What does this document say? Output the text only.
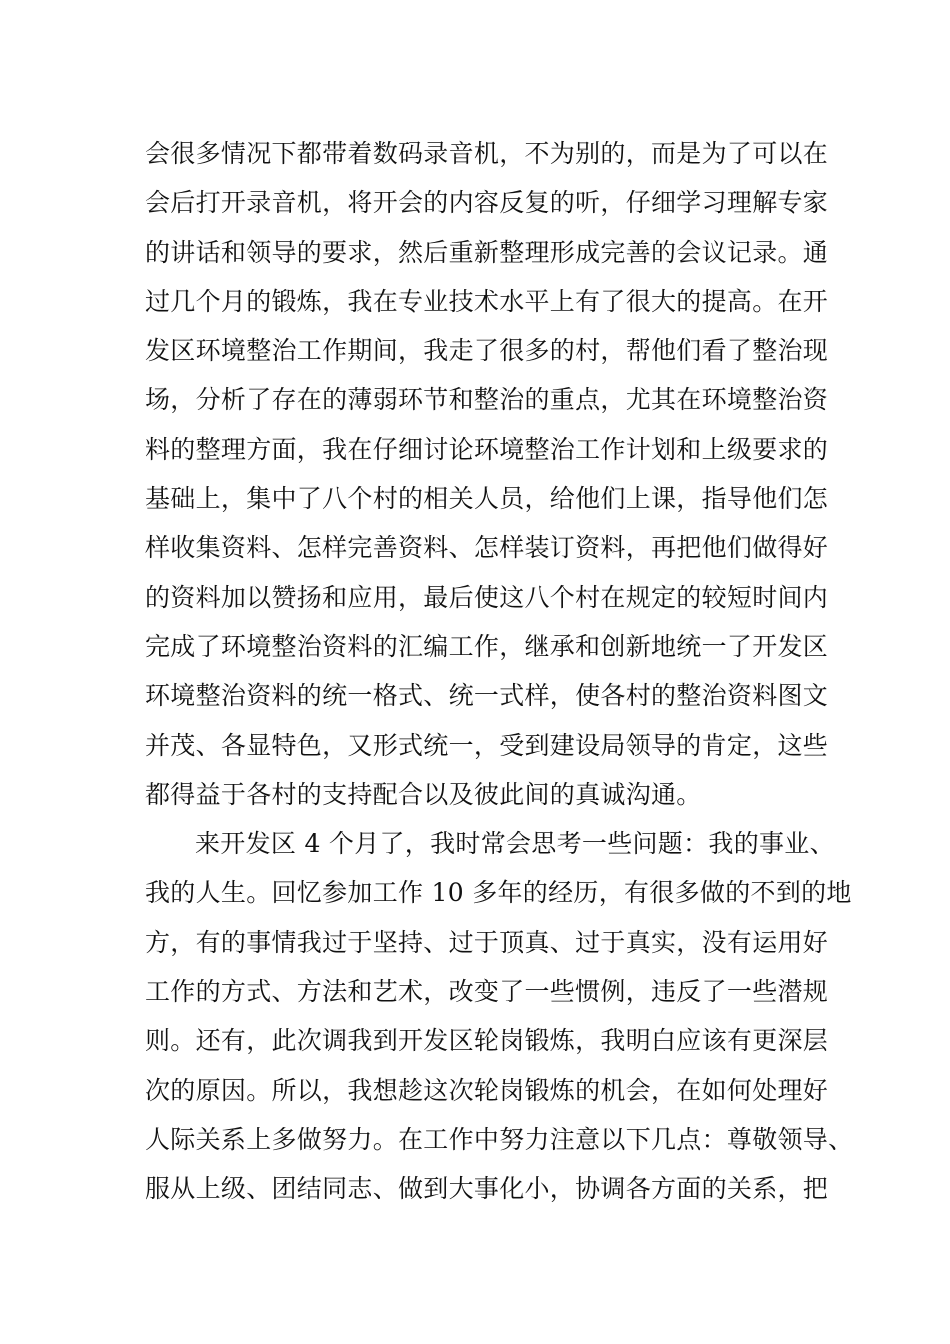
会很多情况下都带着数码录音机，不为别的，而是为了可以在
会后打开录音机，将开会的内容反复的听，仔细学习理解专家
的讲话和领导的要求，然后重新整理形成完善的会议记录。通
过几个月的锻炼，我在专业技术水平上有了很大的提高。在开
发区环境整治工作期间，我走了很多的村，帮他们看了整治现
场，分析了存在的薄弱环节和整治的重点，尤其在环境整治资
料的整理方面，我在仔细讨论环境整治工作计划和上级要求的
基础上，集中了八个村的相关人员，给他们上课，指导他们怎
样收集资料、怎样完善资料、怎样装订资料，再把他们做得好
的资料加以赞扬和应用，最后使这八个村在规定的较短时间内
完成了环境整治资料的汇编工作，继承和创新地统一了开发区
环境整治资料的统一格式、统一式样，使各村的整治资料图文
并茂、各显特色，又形式统一，受到建设局领导的肯定，这些
都得益于各村的支持配合以及彼此间的真诚沟通。
来开发区 4 个月了，我时常会思考一些问题：我的事业、
我的人生。回忆参加工作 10 多年的经历，有很多做的不到的地
方，有的事情我过于坚持、过于顶真、过于真实，没有运用好
工作的方式、方法和艺术，改变了一些惯例，违反了一些潜规
则。还有，此次调我到开发区轮岗锻炼，我明白应该有更深层
次的原因。所以，我想趁这次轮岗锻炼的机会，在如何处理好
人际关系上多做努力。在工作中努力注意以下几点：尊敬领导、
服从上级、团结同志、做到大事化小，协调各方面的关系，把
